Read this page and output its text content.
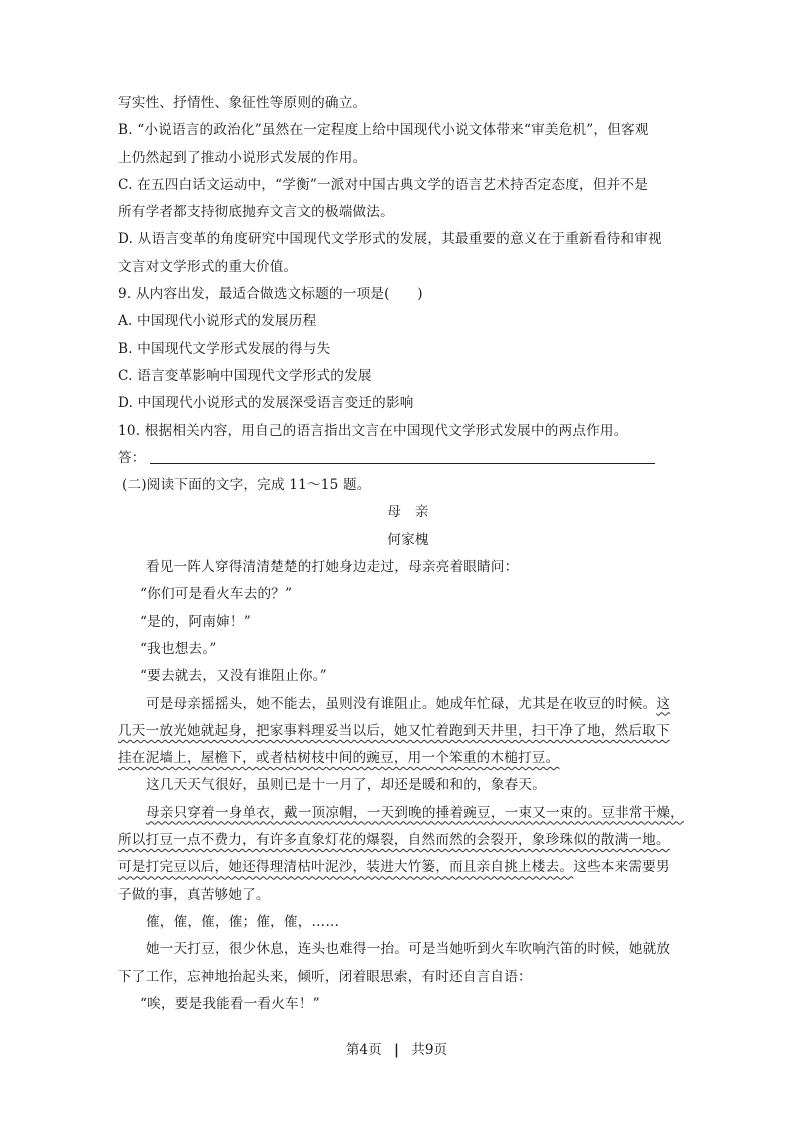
写实性、抒情性、象征性等原则的确立。
B. “小说语言的政治化”虽然在一定程度上给中国现代小说文体带来“审美危机”，但客观
上仍然起到了推动小说形式发展的作用。
C. 在五四白话文运动中，“学衡”一派对中国古典文学的语言艺术持否定态度，但并不是
所有学者都支持彻底抛弃文言文的极端做法。
D. 从语言变革的角度研究中国现代文学形式的发展，其最重要的意义在于重新看待和审视
文言对文学形式的重大价值。
9. 从内容出发，最适合做选文标题的一项是(　　)
A. 中国现代小说形式的发展历程
B. 中国现代文学形式发展的得与失
C. 语言变革影响中国现代文学形式的发展
D. 中国现代小说形式的发展深受语言变迁的影响
10. 根据相关内容，用自己的语言指出文言在中国现代文学形式发展中的两点作用。
答：
(二)阅读下面的文字，完成 11～15 题。
母　亲
何家槐
看见一阵人穿得清清楚楚的打她身边走过，母亲亮着眼睛问：
“你们可是看火车去的？”
“是的，阿南婶！”
“我也想去。”
“要去就去，又没有谁阻止你。”
可是母亲摇摇头，她不能去，虽则没有谁阻止。她成年忙碌，尤其是在收豆的时候。这
几天一放光她就起身，把家事料理妥当以后，她又忙着跑到天井里，扫干净了地，然后取下
挂在泥墙上，屋檐下，或者枯树枝中间的豌豆，用一个笨重的木槌打豆。
这几天天气很好，虽则已是十一月了，却还是暖和和的，象春天。
母亲只穿着一身单衣，戴一顶凉帽，一天到晚的捶着豌豆，一束又一束的。豆非常干燥，
所以打豆一点不费力，有许多直象灯花的爆裂，自然而然的会裂开，象珍珠似的散满一地。
可是打完豆以后，她还得理清枯叶泥沙，装进大竹篓，而且亲自挑上楼去。这些本来需要男
子做的事，真苦够她了。
傕，傕，傕，傕；傕，傕，……
她一天打豆，很少休息，连头也难得一抬。可是当她听到火车吹响汽笛的时候，她就放
下了工作，忘神地抬起头来，倾听，闭着眼思索，有时还自言自语：
“唉，要是我能看一看火车！”
第4页 | 共9页
